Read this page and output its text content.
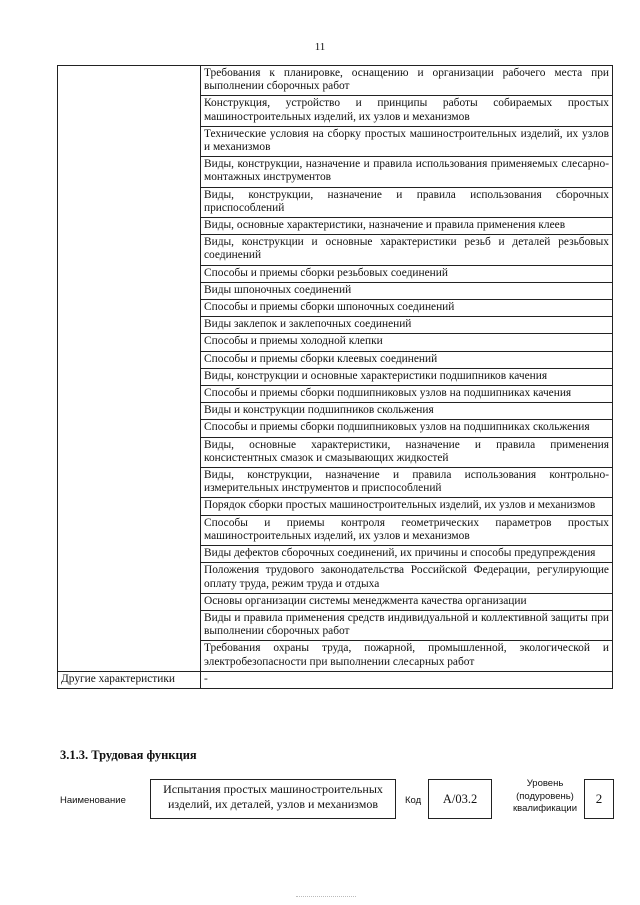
11
	Требования к планировке, оснащению и организации рабочего места при выполнении сборочных работ
	Конструкция, устройство и принципы работы собираемых простых машиностроительных изделий, их узлов и механизмов
	Технические условия на сборку простых машиностроительных изделий, их узлов и механизмов
	Виды, конструкции, назначение и правила использования применяемых слесарно-монтажных инструментов
	Виды, конструкции, назначение и правила использования сборочных приспособлений
	Виды, основные характеристики, назначение и правила применения клеев
	Виды, конструкции и основные характеристики резьб и деталей резьбовых соединений
	Способы и приемы сборки резьбовых соединений
	Виды шпоночных соединений
	Способы и приемы сборки шпоночных соединений
	Виды заклепок и заклепочных соединений
	Способы и приемы холодной клепки
	Способы и приемы сборки клеевых соединений
	Виды, конструкции и основные характеристики подшипников качения
	Способы и приемы сборки подшипниковых узлов на подшипниках качения
	Виды и конструкции подшипников скольжения
	Способы и приемы сборки подшипниковых узлов на подшипниках скольжения
	Виды, основные характеристики, назначение и правила применения консистентных смазок и смазывающих жидкостей
	Виды, конструкции, назначение и правила использования контрольно-измерительных инструментов и приспособлений
	Порядок сборки простых машиностроительных изделий, их узлов и механизмов
	Способы и приемы контроля геометрических параметров простых машиностроительных изделий, их узлов и механизмов
	Виды дефектов сборочных соединений, их причины и способы предупреждения
	Положения трудового законодательства Российской Федерации, регулирующие оплату труда, режим труда и отдыха
	Основы организации системы менеджмента качества организации
	Виды и правила применения средств индивидуальной и коллективной защиты при выполнении сборочных работ
	Требования охраны труда, пожарной, промышленной, экологической и электробезопасности при выполнении слесарных работ
Другие характеристики	-
3.1.3. Трудовая функция
Наименование
Испытания простых машиностроительных изделий, их деталей, узлов и механизмов	Код	А/03.2
Уровень (подуровень) квалификации
2
